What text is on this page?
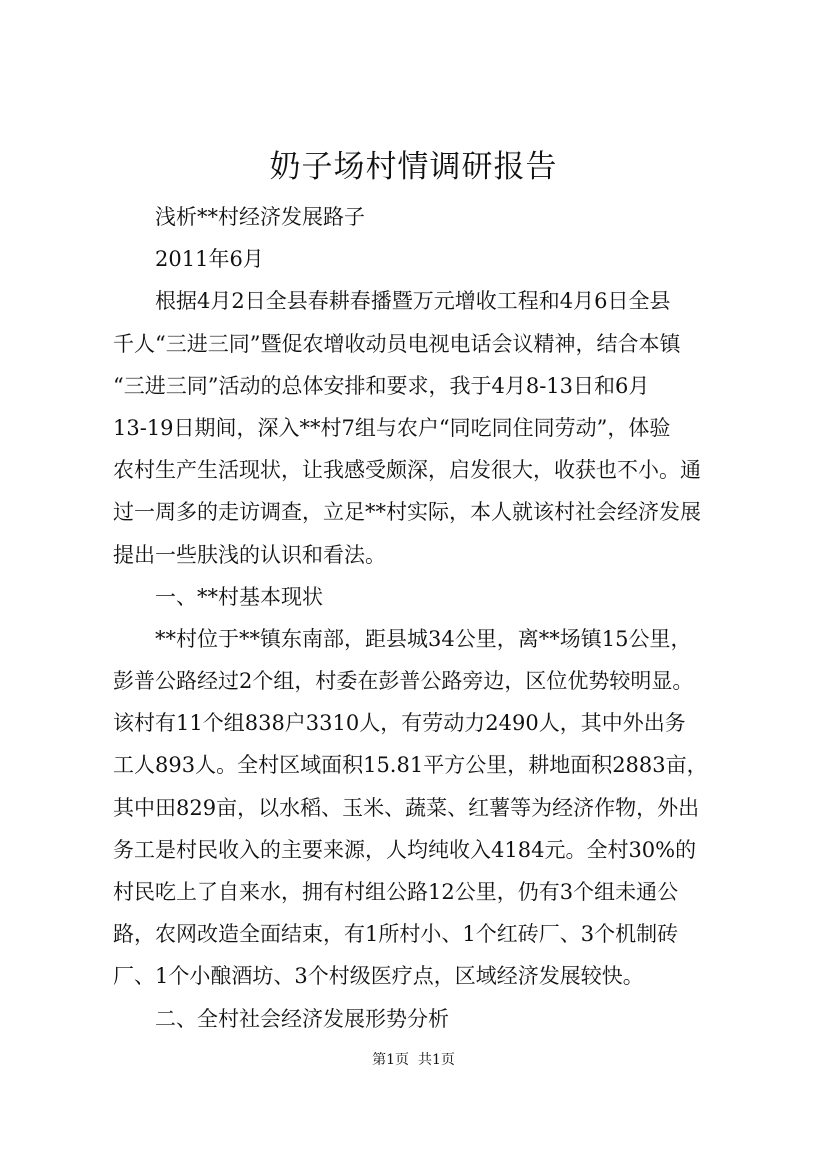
奶子场村情调研报告

浅析**村经济发展路子

2011年6月

根据4月2日全县春耕春播暨万元增收工程和4月6日全县

千人“三进三同”暨促农增收动员电视电话会议精神，结合本镇

“三进三同”活动的总体安排和要求，我于4月8-13日和6月

13-19日期间，深入**村7组与农户“同吃同住同劳动”，体验

农村生产生活现状，让我感受颇深，启发很大，收获也不小。通

过一周多的走访调查，立足**村实际，本人就该村社会经济发展

提出一些肤浅的认识和看法。

一、**村基本现状

**村位于**镇东南部，距县城34公里，离**场镇15公里，

彭普公路经过2个组，村委在彭普公路旁边，区位优势较明显。

该村有11个组838户3310人，有劳动力2490人，其中外出务

工人893人。全村区域面积15.81平方公里，耕地面积2883亩，

其中田829亩，以水稻、玉米、蔬菜、红薯等为经济作物，外出

务工是村民收入的主要来源，人均纯收入4184元。全村30%的

村民吃上了自来水，拥有村组公路12公里，仍有3个组未通公

路，农网改造全面结束，有1所村小、1个红砖厂、3个机制砖

厂、1个小酿酒坊、3个村级医疗点，区域经济发展较快。

二、全村社会经济发展形势分析

第1页  共1页
